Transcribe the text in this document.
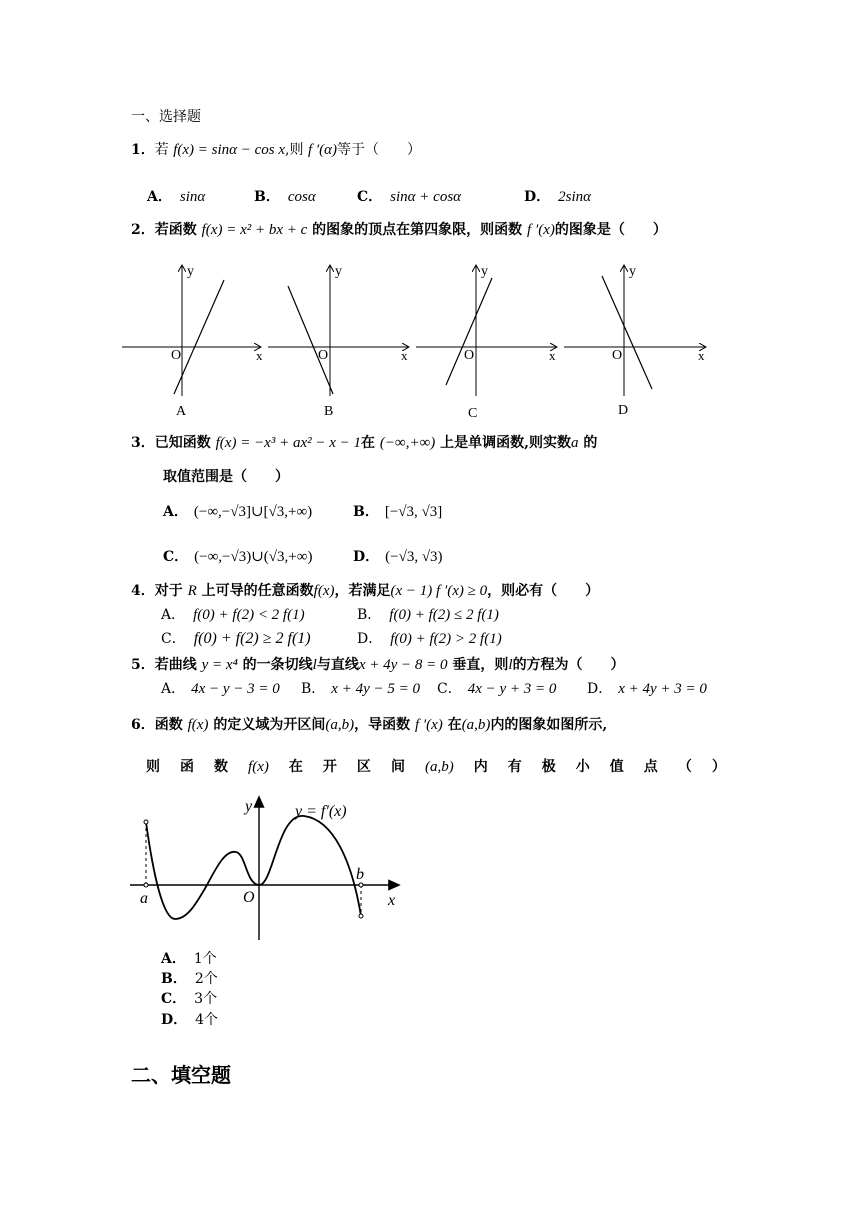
一、选择题
1．若 f(x) = sinα − cos x,则 f ′(α)等于（　　）
A． sinα	B． cosα	C． sinα + cosα	D． 2sinα
2．若函数 f(x) = x² + bx + c 的图象的顶点在第四象限，则函数 f ′(x)的图象是（　　）
y
x
O
A
y
x
O
B
y
x
O
C
y
x
O
D
3．已知函数 f(x) = −x³ + ax² − x − 1在 (−∞,+∞) 上是单调函数,则实数a 的
取值范围是（　　）
A． (−∞,−√3]∪[√3,+∞)	B． [−√3, √3]
C． (−∞,−√3)∪(√3,+∞)	D． (−√3, √3)
4．对于 R 上可导的任意函数f(x)，若满足(x − 1) f ′(x) ≥ 0，则必有（　　）
A． f(0) + f(2) < 2 f(1)	B． f(0) + f(2) ≤ 2 f(1)
C． f(0) + f(2) ≥ 2 f(1)	D． f(0) + f(2) > 2 f(1)
5．若曲线 y = x⁴ 的一条切线l与直线x + 4y − 8 = 0 垂直，则l的方程为（　　）
A． 4x − y − 3 = 0 B． x + 4y − 5 = 0 C． 4x − y + 3 = 0 D． x + 4y + 3 = 0
6．函数 f(x) 的定义域为开区间(a,b)，导函数 f ′(x) 在(a,b)内的图象如图所示,
则 函 数 f(x) 在 开 区 间 (a,b) 内 有 极 小 值 点 （ ）
y = f′(x)
y
x
O
a
b
A． 1个
B． 2个
C． 3个
D． 4个
二、填空题
